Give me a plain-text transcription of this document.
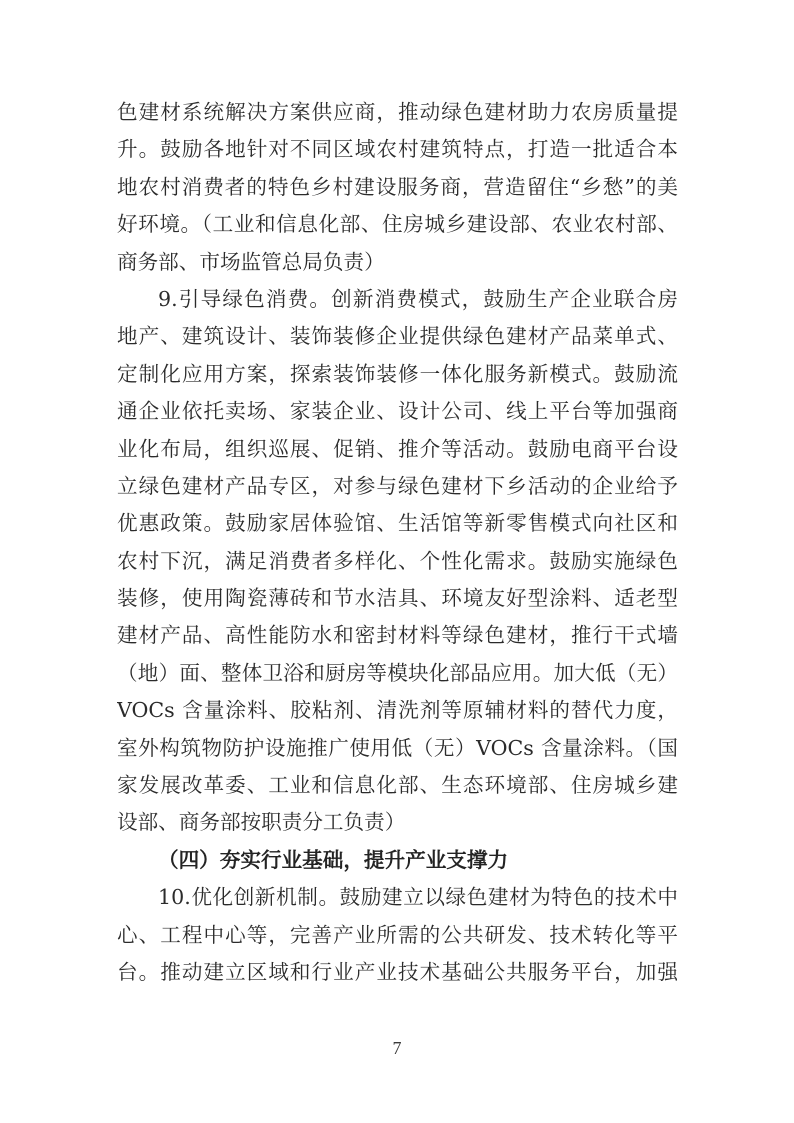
色建材系统解决方案供应商，推动绿色建材助力农房质量提
升。鼓励各地针对不同区域农村建筑特点，打造一批适合本
地农村消费者的特色乡村建设服务商，营造留住“乡愁”的美
好环境。（工业和信息化部、住房城乡建设部、农业农村部、
商务部、市场监管总局负责）

9.引导绿色消费。创新消费模式，鼓励生产企业联合房
地产、建筑设计、装饰装修企业提供绿色建材产品菜单式、
定制化应用方案，探索装饰装修一体化服务新模式。鼓励流
通企业依托卖场、家装企业、设计公司、线上平台等加强商
业化布局，组织巡展、促销、推介等活动。鼓励电商平台设
立绿色建材产品专区，对参与绿色建材下乡活动的企业给予
优惠政策。鼓励家居体验馆、生活馆等新零售模式向社区和
农村下沉，满足消费者多样化、个性化需求。鼓励实施绿色
装修，使用陶瓷薄砖和节水洁具、环境友好型涂料、适老型
建材产品、高性能防水和密封材料等绿色建材，推行干式墙
（地）面、整体卫浴和厨房等模块化部品应用。加大低（无）
VOCs 含量涂料、胶粘剂、清洗剂等原辅材料的替代力度，
室外构筑物防护设施推广使用低（无）VOCs 含量涂料。（国
家发展改革委、工业和信息化部、生态环境部、住房城乡建
设部、商务部按职责分工负责）

（四）夯实行业基础，提升产业支撑力

10.优化创新机制。鼓励建立以绿色建材为特色的技术中
心、工程中心等，完善产业所需的公共研发、技术转化等平
台。推动建立区域和行业产业技术基础公共服务平台，加强

7
